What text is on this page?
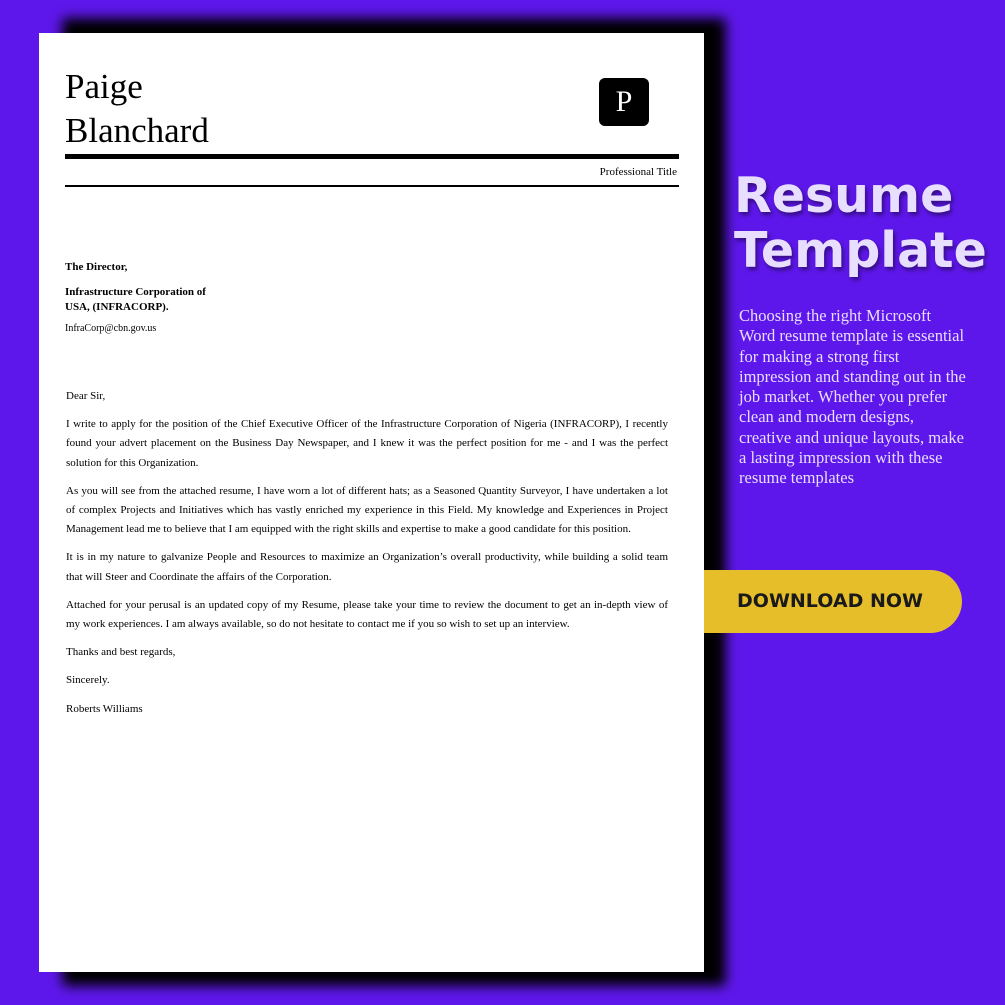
Paige
Blanchard
P
Professional Title
The Director,
Infrastructure Corporation of
USA, (INFRACORP).
InfraCorp@cbn.gov.us

Dear Sir,

I write to apply for the position of the Chief Executive Officer of the Infrastructure Corporation of Nigeria (INFRACORP), I recently found your advert placement on the Business Day Newspaper, and I knew it was the perfect position for me - and I was the perfect solution for this Organization.

As you will see from the attached resume, I have worn a lot of different hats; as a Seasoned Quantity Surveyor, I have undertaken a lot of complex Projects and Initiatives which has vastly enriched my experience in this Field. My knowledge and Experiences in Project Management lead me to believe that I am equipped with the right skills and expertise to make a good candidate for this position.

It is in my nature to galvanize People and Resources to maximize an Organization’s overall productivity, while building a solid team that will Steer and Coordinate the affairs of the Corporation.

Attached for your perusal is an updated copy of my Resume, please take your time to review the document to get an in-depth view of my work experiences. I am always available, so do not hesitate to contact me if you so wish to set up an interview.

Thanks and best regards,

Sincerely.

Roberts Williams

Resume
Template
Choosing the right Microsoft Word resume template is essential for making a strong first impression and standing out in the job market. Whether you prefer clean and modern designs, creative and unique layouts, make a lasting impression with these resume templates
DOWNLOAD NOW
